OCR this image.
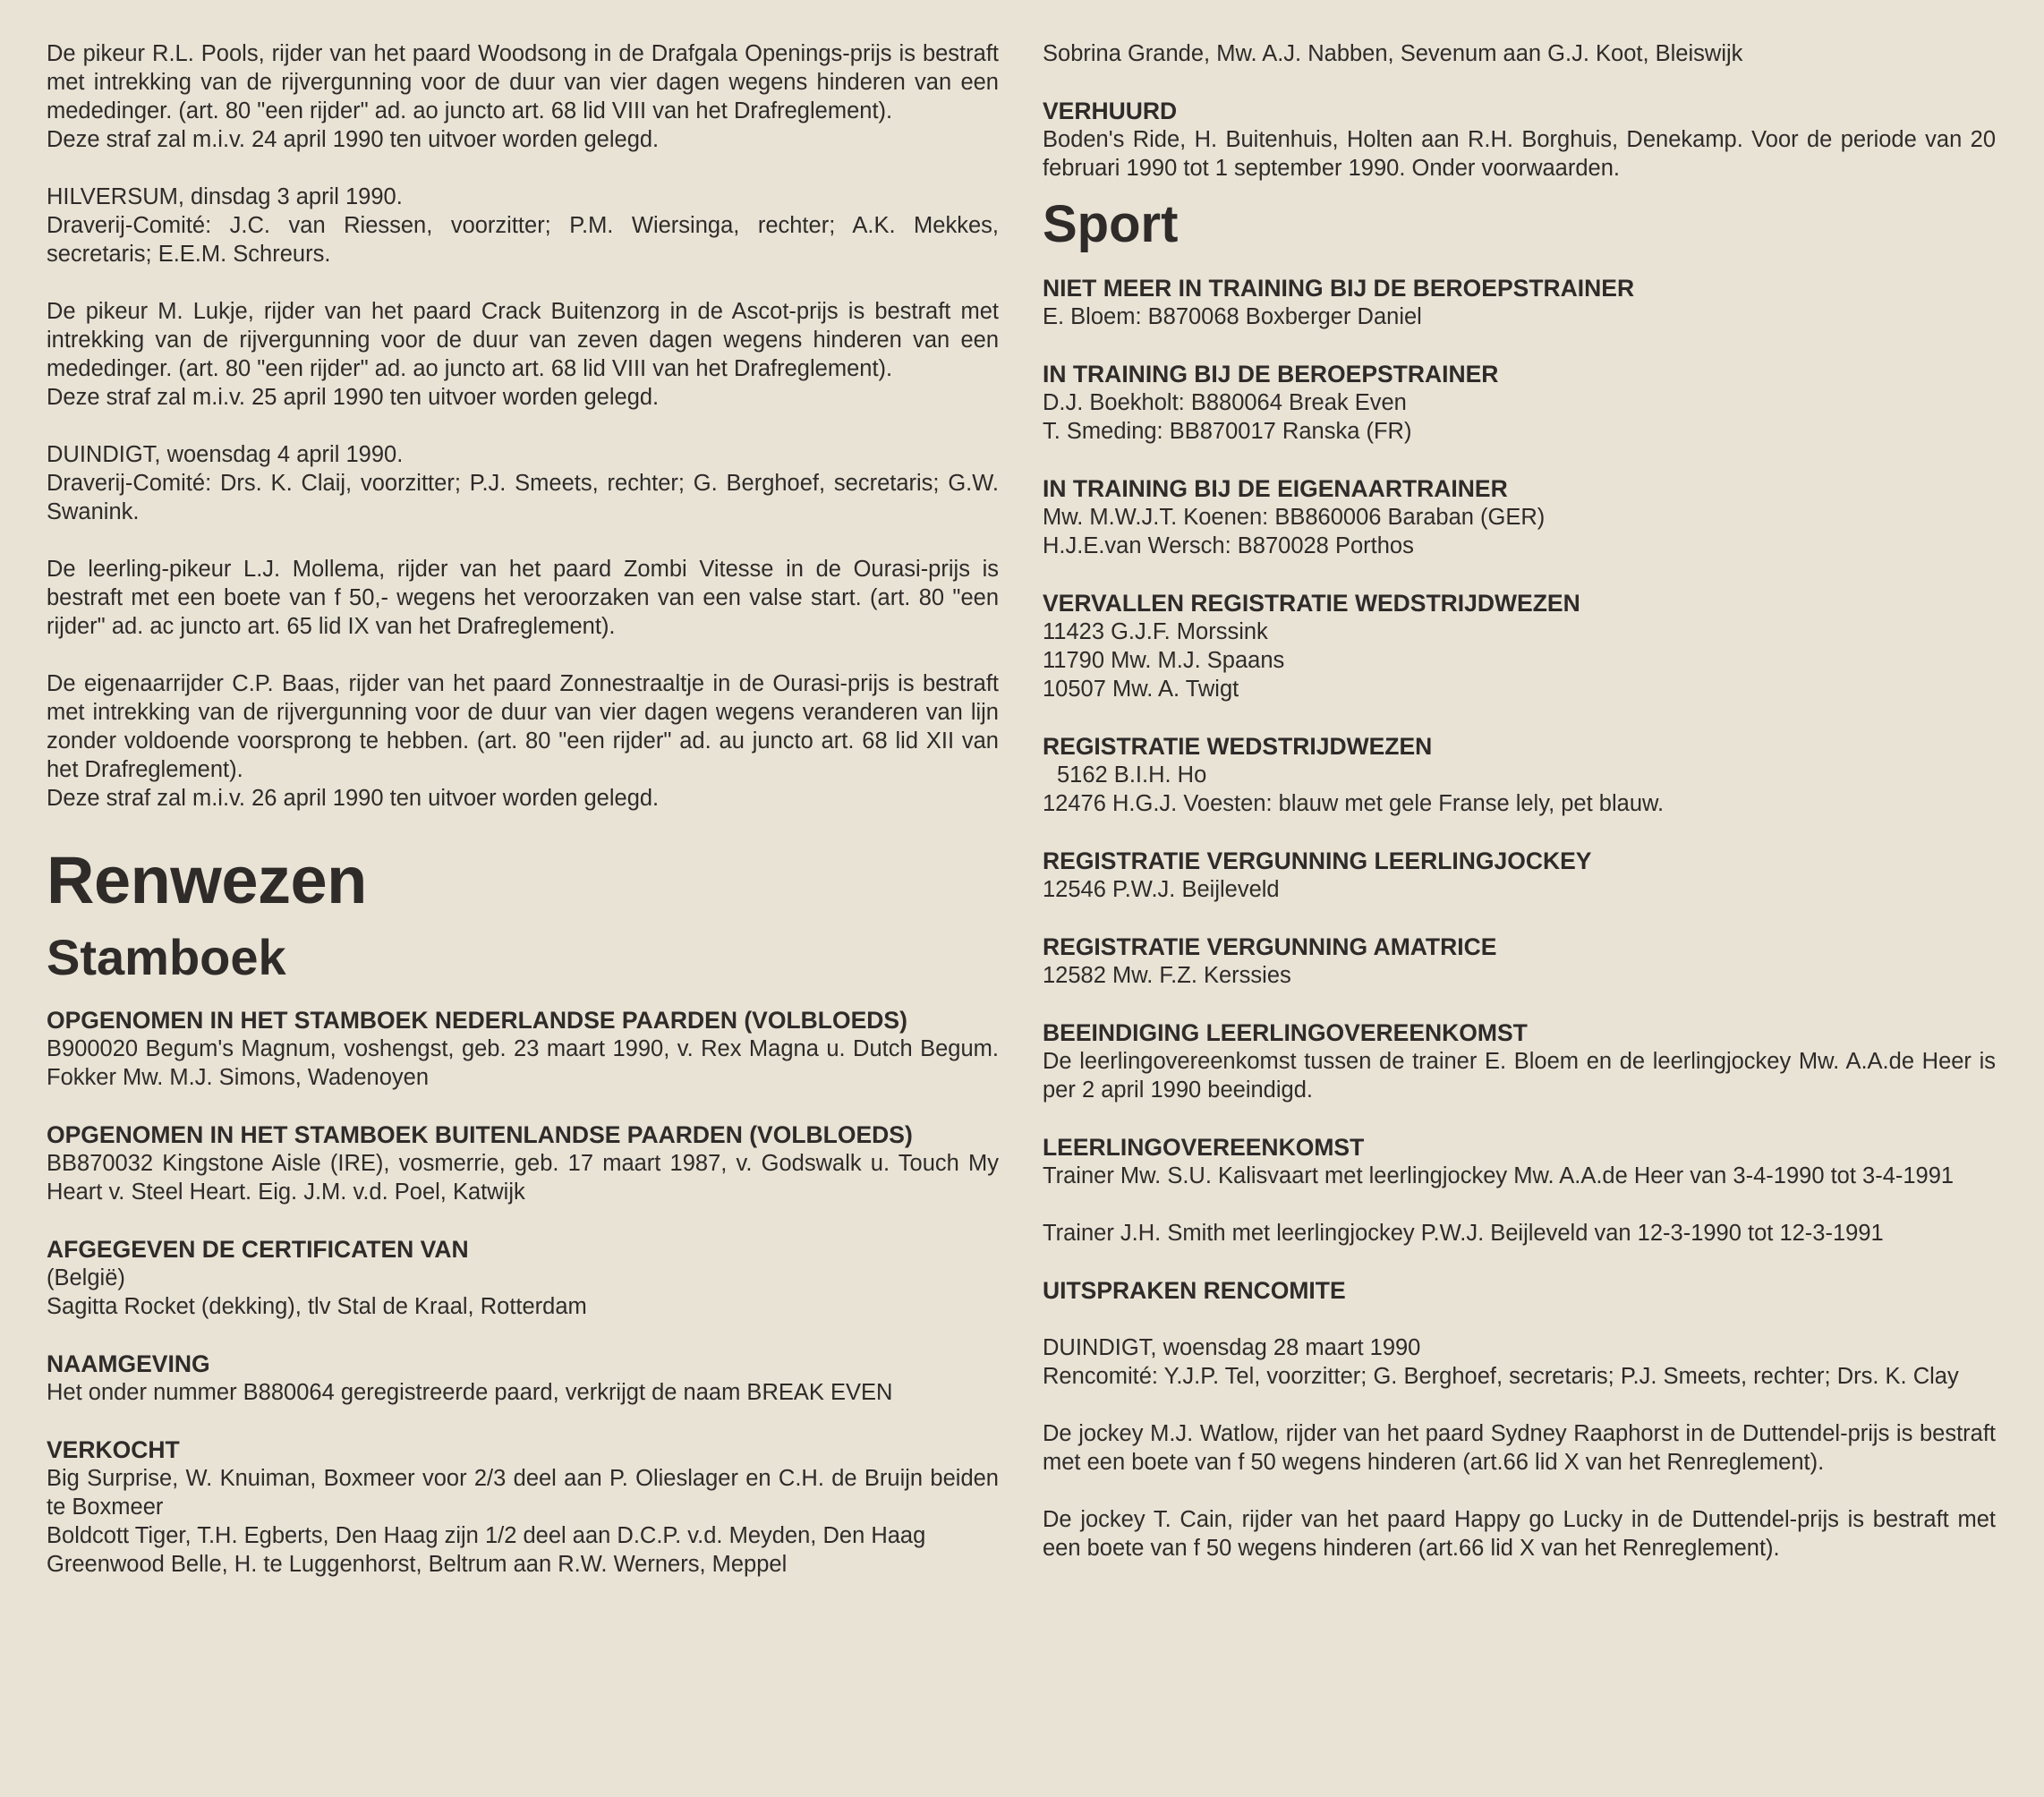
De pikeur R.L. Pools, rijder van het paard Woodsong in de Drafgala Openings-prijs is bestraft met intrekking van de rijvergunning voor de duur van vier dagen wegens hinderen van een mededinger. (art. 80 "een rijder" ad. ao juncto art. 68 lid VIII van het Drafreglement).
Deze straf zal m.i.v. 24 april 1990 ten uitvoer worden gelegd.
HILVERSUM, dinsdag 3 april 1990.
Draverij-Comité: J.C. van Riessen, voorzitter; P.M. Wiersinga, rechter; A.K. Mekkes, secretaris; E.E.M. Schreurs.
De pikeur M. Lukje, rijder van het paard Crack Buitenzorg in de Ascot-prijs is bestraft met intrekking van de rijvergunning voor de duur van zeven dagen wegens hinderen van een mededinger. (art. 80 "een rijder" ad. ao juncto art. 68 lid VIII van het Drafreglement).
Deze straf zal m.i.v. 25 april 1990 ten uitvoer worden gelegd.
DUINDIGT, woensdag 4 april 1990.
Draverij-Comité: Drs. K. Claij, voorzitter; P.J. Smeets, rechter; G. Berghoef, secretaris; G.W. Swanink.
De leerling-pikeur L.J. Mollema, rijder van het paard Zombi Vitesse in de Ourasi-prijs is bestraft met een boete van f 50,- wegens het veroorzaken van een valse start. (art. 80 "een rijder" ad. ac juncto art. 65 lid IX van het Drafreglement).
De eigenaarrijder C.P. Baas, rijder van het paard Zonnestraaltje in de Ourasi-prijs is bestraft met intrekking van de rijvergunning voor de duur van vier dagen wegens veranderen van lijn zonder voldoende voorsprong te hebben. (art. 80 "een rijder" ad. au juncto art. 68 lid XII van het Drafreglement).
Deze straf zal m.i.v. 26 april 1990 ten uitvoer worden gelegd.
Renwezen
Stamboek
OPGENOMEN IN HET STAMBOEK NEDERLANDSE PAARDEN (VOLBLOEDS)
B900020 Begum's Magnum, voshengst, geb. 23 maart 1990, v. Rex Magna u. Dutch Begum. Fokker Mw. M.J. Simons, Wadenoyen
OPGENOMEN IN HET STAMBOEK BUITENLANDSE PAARDEN (VOLBLOEDS)
BB870032 Kingstone Aisle (IRE), vosmerrie, geb. 17 maart 1987, v. Godswalk u. Touch My Heart v. Steel Heart. Eig. J.M. v.d. Poel, Katwijk
AFGEGEVEN DE CERTIFICATEN VAN
(België)
Sagitta Rocket (dekking), tlv Stal de Kraal, Rotterdam
NAAMGEVING
Het onder nummer B880064 geregistreerde paard, verkrijgt de naam BREAK EVEN
VERKOCHT
Big Surprise, W. Knuiman, Boxmeer voor 2/3 deel aan P. Olieslager en C.H. de Bruijn beiden te Boxmeer
Boldcott Tiger, T.H. Egberts, Den Haag zijn 1/2 deel aan D.C.P. v.d. Meyden, Den Haag
Greenwood Belle, H. te Luggenhorst, Beltrum aan R.W. Werners, Meppel
Sobrina Grande, Mw. A.J. Nabben, Sevenum aan G.J. Koot, Bleiswijk
VERHUURD
Boden's Ride, H. Buitenhuis, Holten aan R.H. Borghuis, Denekamp. Voor de periode van 20 februari 1990 tot 1 september 1990. Onder voorwaarden.
Sport
NIET MEER IN TRAINING BIJ DE BEROEPSTRAINER
E. Bloem: B870068 Boxberger Daniel
IN TRAINING BIJ DE BEROEPSTRAINER
D.J. Boekholt: B880064 Break Even
T. Smeding: BB870017 Ranska (FR)
IN TRAINING BIJ DE EIGENAARTRAINER
Mw. M.W.J.T. Koenen: BB860006 Baraban (GER)
H.J.E.van Wersch: B870028 Porthos
VERVALLEN REGISTRATIE WEDSTRIJDWEZEN
11423 G.J.F. Morssink
11790 Mw. M.J. Spaans
10507 Mw. A. Twigt
REGISTRATIE WEDSTRIJDWEZEN
5162 B.I.H. Ho
12476 H.G.J. Voesten: blauw met gele Franse lely, pet blauw.
REGISTRATIE VERGUNNING LEERLINGJOCKEY
12546 P.W.J. Beijleveld
REGISTRATIE VERGUNNING AMATRICE
12582 Mw. F.Z. Kerssies
BEEINDIGING LEERLINGOVEREENKOMST
De leerlingovereenkomst tussen de trainer E. Bloem en de leerlingjockey Mw. A.A.de Heer is per 2 april 1990 beeindigd.
LEERLINGOVEREENKOMST
Trainer Mw. S.U. Kalisvaart met leerlingjockey Mw. A.A.de Heer van 3-4-1990 tot 3-4-1991
Trainer J.H. Smith met leerlingjockey P.W.J. Beijleveld van 12-3-1990 tot 12-3-1991
UITSPRAKEN RENCOMITE
DUINDIGT, woensdag 28 maart 1990
Rencomité: Y.J.P. Tel, voorzitter; G. Berghoef, secretaris; P.J. Smeets, rechter; Drs. K. Clay
De jockey M.J. Watlow, rijder van het paard Sydney Raaphorst in de Duttendel-prijs is bestraft met een boete van f 50 wegens hinderen (art.66 lid X van het Renreglement).
De jockey T. Cain, rijder van het paard Happy go Lucky in de Duttendel-prijs is bestraft met een boete van f 50 wegens hinderen (art.66 lid X van het Renreglement).
